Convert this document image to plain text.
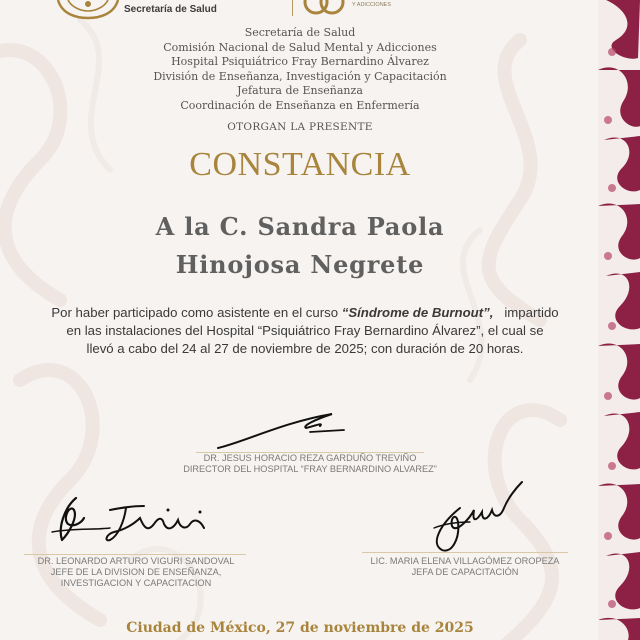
Secretaría de Salud	Y ADICCIONES
Secretaría de Salud
Comisión Nacional de Salud Mental y Adicciones
Hospital Psiquiátrico Fray Bernardino Álvarez
División de Enseñanza, Investigación y Capacitación
Jefatura de Enseñanza
Coordinación de Enseñanza en Enfermería
OTORGAN LA PRESENTE
CONSTANCIA
A la C. Sandra Paola
Hinojosa Negrete
Por haber participado como asistente en el curso “Síndrome de Burnout”, impartido
en las instalaciones del Hospital “Psiquiátrico Fray Bernardino Álvarez”, el cual se
llevó a cabo del 24 al 27 de noviembre de 2025; con duración de 20 horas.
DR. JESUS HORACIO REZA GARDUÑO TREVIÑO
DIRECTOR DEL HOSPITAL “FRAY BERNARDINO ALVAREZ”
DR. LEONARDO ARTURO VIGURI SANDOVAL
JEFE DE LA DIVISION DE ENSEÑANZA,
INVESTIGACION Y CAPACITACION
LIC. MARIA ELENA VILLAGÓMEZ OROPEZA
JEFA DE CAPACITACIÓN
Ciudad de México, 27 de noviembre de 2025
